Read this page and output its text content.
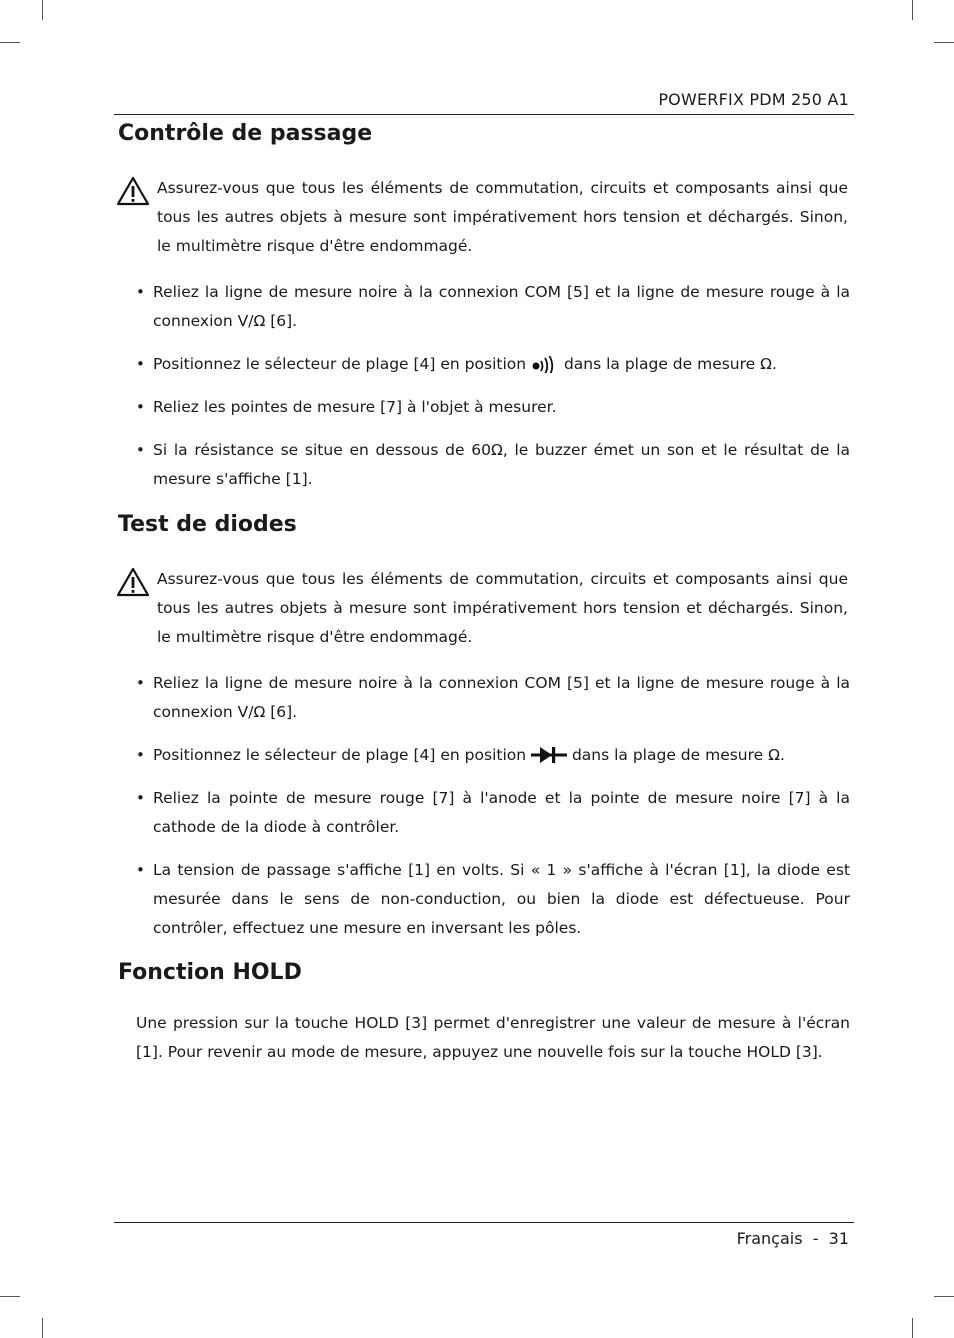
POWERFIX PDM 250 A1
Contrôle de passage

Assurez-vous que tous les éléments de commutation, circuits et composants ainsi que tous les autres objets à mesure sont impérativement hors tension et déchargés. Sinon, le multimètre risque d'être endommagé.

• Reliez la ligne de mesure noire à la connexion COM [5] et la ligne de mesure rouge à la connexion V/Ω [6].

• Positionnez le sélecteur de plage [4] en position dans la plage de mesure Ω.

• Reliez les pointes de mesure [7] à l'objet à mesurer.

• Si la résistance se situe en dessous de 60Ω, le buzzer émet un son et le résultat de la mesure s'affiche [1].

Test de diodes

Assurez-vous que tous les éléments de commutation, circuits et composants ainsi que tous les autres objets à mesure sont impérativement hors tension et déchargés. Sinon, le multimètre risque d'être endommagé.

• Reliez la ligne de mesure noire à la connexion COM [5] et la ligne de mesure rouge à la connexion V/Ω [6].

• Positionnez le sélecteur de plage [4] en position	dans la plage de mesure Ω.

• Reliez la pointe de mesure rouge [7] à l'anode et la pointe de mesure noire [7] à la cathode de la diode à contrôler.

• La tension de passage s'affiche [1] en volts. Si « 1 » s'affiche à l'écran [1], la diode est mesurée dans le sens de non-conduction, ou bien la diode est défectueuse. Pour contrôler, effectuez une mesure en inversant les pôles.

Fonction HOLD

Une pression sur la touche HOLD [3] permet d'enregistrer une valeur de mesure à l'écran [1]. Pour revenir au mode de mesure, appuyez une nouvelle fois sur la touche HOLD [3].

Français  -  31
